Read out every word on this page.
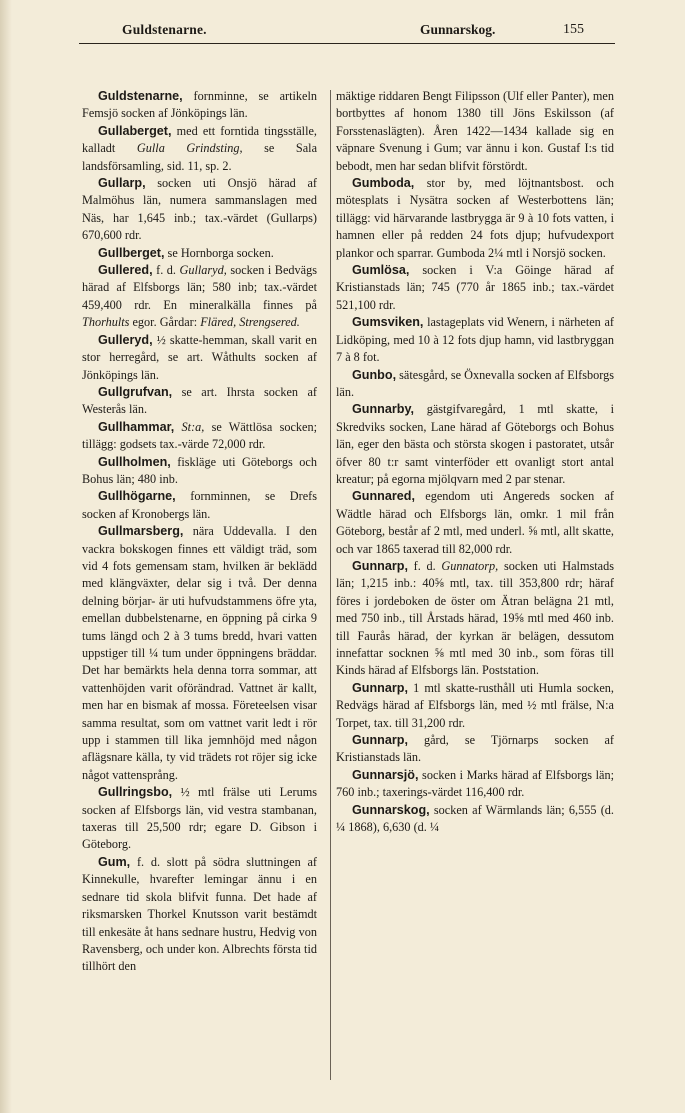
Guldstenarne.	Gunnarskog.	155

Guldstenarne, fornminne, se artikeln Femsjö socken af Jönköpings län.

Gullaberget, med ett forntida tingsställe, kalladt Gulla Grindsting, se Sala landsförsamling, sid. 11, sp. 2.

Gullarp, socken uti Onsjö härad af Malmöhus län, numera sammanslagen med Näs, har 1,645 inb.; tax.-värdet (Gullarps) 670,600 rdr.

Gullberget, se Hornborga socken.

Gullered, f. d. Gullaryd, socken i Bedvägs härad af Elfsborgs län; 580 inb; tax.-värdet 459,400 rdr. En mineralkälla finnes på Thorhults egor. Gårdar: Fläred, Strengsered.

Gulleryd, ½ skatte-hemman, skall varit en stor herregård, se art. Wåthults socken af Jönköpings län.

Gullgrufvan, se art. Ihrsta socken af Westerås län.

Gullhammar, St:a, se Wättlösa socken; tillägg: godsets tax.-värde 72,000 rdr.

Gullholmen, fiskläge uti Göteborgs och Bohus län; 480 inb.

Gullhögarne, fornminnen, se Drefs socken af Kronobergs län.

Gullmarsberg, nära Uddevalla. I den vackra bokskogen finnes ett väldigt träd, som vid 4 fots gemensam stam, hvilken är beklädd med klängväxter, delar sig i två. Der denna delning börjar- är uti hufvudstammens öfre yta, emellan dubbelstenarne, en öppning på cirka 9 tums längd och 2 à 3 tums bredd, hvari vatten uppstiger till ¼ tum under öppningens bräddar. Det har bemärkts hela denna torra sommar, att vattenhöjden varit oförändrad. Vattnet är kallt, men har en bismak af mossa. Företeelsen visar samma resultat, som om vattnet varit ledt i rör upp i stammen till lika jemnhöjd med någon aflägsnare källa, ty vid trädets rot röjer sig icke något vattensprång.

Gullringsbo, ½ mtl frälse uti Lerums socken af Elfsborgs län, vid vestra stambanan, taxeras till 25,500 rdr; egare D. Gibson i Göteborg.

Gum, f. d. slott på södra sluttningen af Kinnekulle, hvarefter lemingar ännu i en sednare tid skola blifvit funna. Det hade af riksmarsken Thorkel Knutsson varit bestämdt till enkesäte åt hans sednare hustru, Hedvig von Ravensberg, och under kon. Albrechts första tid tillhört den

mäktige riddaren Bengt Filipsson (Ulf eller Panter), men bortbyttes af honom 1380 till Jöns Eskilsson (af Forsstenaslägten). Åren 1422—1434 kallade sig en väpnare Svenung i Gum; var ännu i kon. Gustaf I:s tid bebodt, men har sedan blifvit förstördt.

Gumboda, stor by, med löjtnantsbost. och mötesplats i Nysätra socken af Westerbottens län; tillägg: vid härvarande lastbrygga är 9 à 10 fots vatten, i hamnen eller på redden 24 fots djup; hufvudexport plankor och sparrar. Gumboda 2¼ mtl i Norsjö socken.

Gumlösa, socken i V:a Göinge härad af Kristianstads län; 745 (770 år 1865 inb.; tax.-värdet 521,100 rdr.

Gumsviken, lastageplats vid Wenern, i närheten af Lidköping, med 10 à 12 fots djup hamn, vid lastbryggan 7 à 8 fot.

Gunbo, sätesgård, se Öxnevalla socken af Elfsborgs län.

Gunnarby, gästgifvaregård, 1 mtl skatte, i Skredviks socken, Lane härad af Göteborgs och Bohus län, eger den bästa och största skogen i pastoratet, utsår öfver 80 t:r samt vinterföder ett ovanligt stort antal kreatur; på egorna mjölqvarn med 2 par stenar.

Gunnared, egendom uti Angereds socken af Wädtle härad och Elfsborgs län, omkr. 1 mil från Göteborg, består af 2 mtl, med underl. ⅝ mtl, allt skatte, och var 1865 taxerad till 82,000 rdr.

Gunnarp, f. d. Gunnatorp, socken uti Halmstads län; 1,215 inb.: 40⅝ mtl, tax. till 353,800 rdr; häraf föres i jordeboken de öster om Ätran belägna 21 mtl, med 750 inb., till Årstads härad, 19⅝ mtl med 460 inb. till Faurås härad, der kyrkan är belägen, dessutom innefattar socknen ⅝ mtl med 30 inb., som föras till Kinds härad af Elfsborgs län. Poststation.

Gunnarp, 1 mtl skatte-rusthåll uti Humla socken, Redvägs härad af Elfsborgs län, med ½ mtl frälse, N:a Torpet, tax. till 31,200 rdr.

Gunnarp, gård, se Tjörnarps socken af Kristianstads län.

Gunnarsjö, socken i Marks härad af Elfsborgs län; 760 inb.; taxerings-värdet 116,400 rdr.

Gunnarskog, socken af Wärmlands län; 6,555 (d. ¼ 1868), 6,630 (d. ¼
